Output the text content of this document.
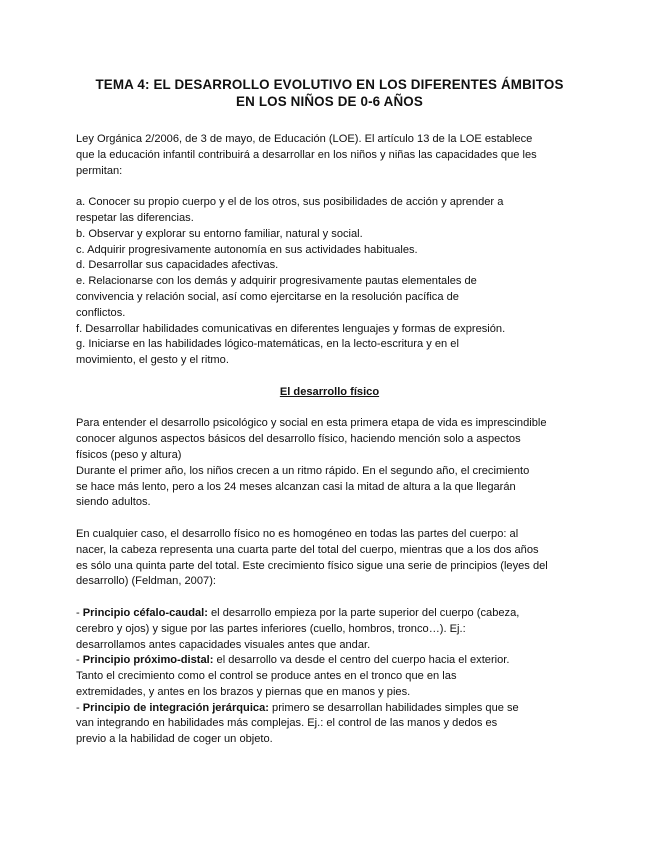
TEMA 4: EL DESARROLLO EVOLUTIVO EN LOS DIFERENTES ÁMBITOS
EN LOS NIÑOS DE 0-6 AÑOS

Ley Orgánica 2/2006, de 3 de mayo, de Educación (LOE). El artículo 13 de la LOE establece
que la educación infantil contribuirá a desarrollar en los niños y niñas las capacidades que les
permitan:

a. Conocer su propio cuerpo y el de los otros, sus posibilidades de acción y aprender a
respetar las diferencias.
b. Observar y explorar su entorno familiar, natural y social.
c. Adquirir progresivamente autonomía en sus actividades habituales.
d. Desarrollar sus capacidades afectivas.
e. Relacionarse con los demás y adquirir progresivamente pautas elementales de
convivencia y relación social, así como ejercitarse en la resolución pacífica de
conflictos.
f. Desarrollar habilidades comunicativas en diferentes lenguajes y formas de expresión.
g. Iniciarse en las habilidades lógico-matemáticas, en la lecto-escritura y en el
movimiento, el gesto y el ritmo.

El desarrollo físico

Para entender el desarrollo psicológico y social en esta primera etapa de vida es imprescindible
conocer algunos aspectos básicos del desarrollo físico, haciendo mención solo a aspectos
físicos (peso y altura)
Durante el primer año, los niños crecen a un ritmo rápido. En el segundo año, el crecimiento
se hace más lento, pero a los 24 meses alcanzan casi la mitad de altura a la que llegarán
siendo adultos.

En cualquier caso, el desarrollo físico no es homogéneo en todas las partes del cuerpo: al
nacer, la cabeza representa una cuarta parte del total del cuerpo, mientras que a los dos años
es sólo una quinta parte del total. Este crecimiento físico sigue una serie de principios (leyes del
desarrollo) (Feldman, 2007):

- Principio céfalo-caudal: el desarrollo empieza por la parte superior del cuerpo (cabeza,
cerebro y ojos) y sigue por las partes inferiores (cuello, hombros, tronco…). Ej.:
desarrollamos antes capacidades visuales antes que andar.
- Principio próximo-distal: el desarrollo va desde el centro del cuerpo hacia el exterior.
Tanto el crecimiento como el control se produce antes en el tronco que en las
extremidades, y antes en los brazos y piernas que en manos y pies.
- Principio de integración jerárquica: primero se desarrollan habilidades simples que se
van integrando en habilidades más complejas. Ej.: el control de las manos y dedos es
previo a la habilidad de coger un objeto.
